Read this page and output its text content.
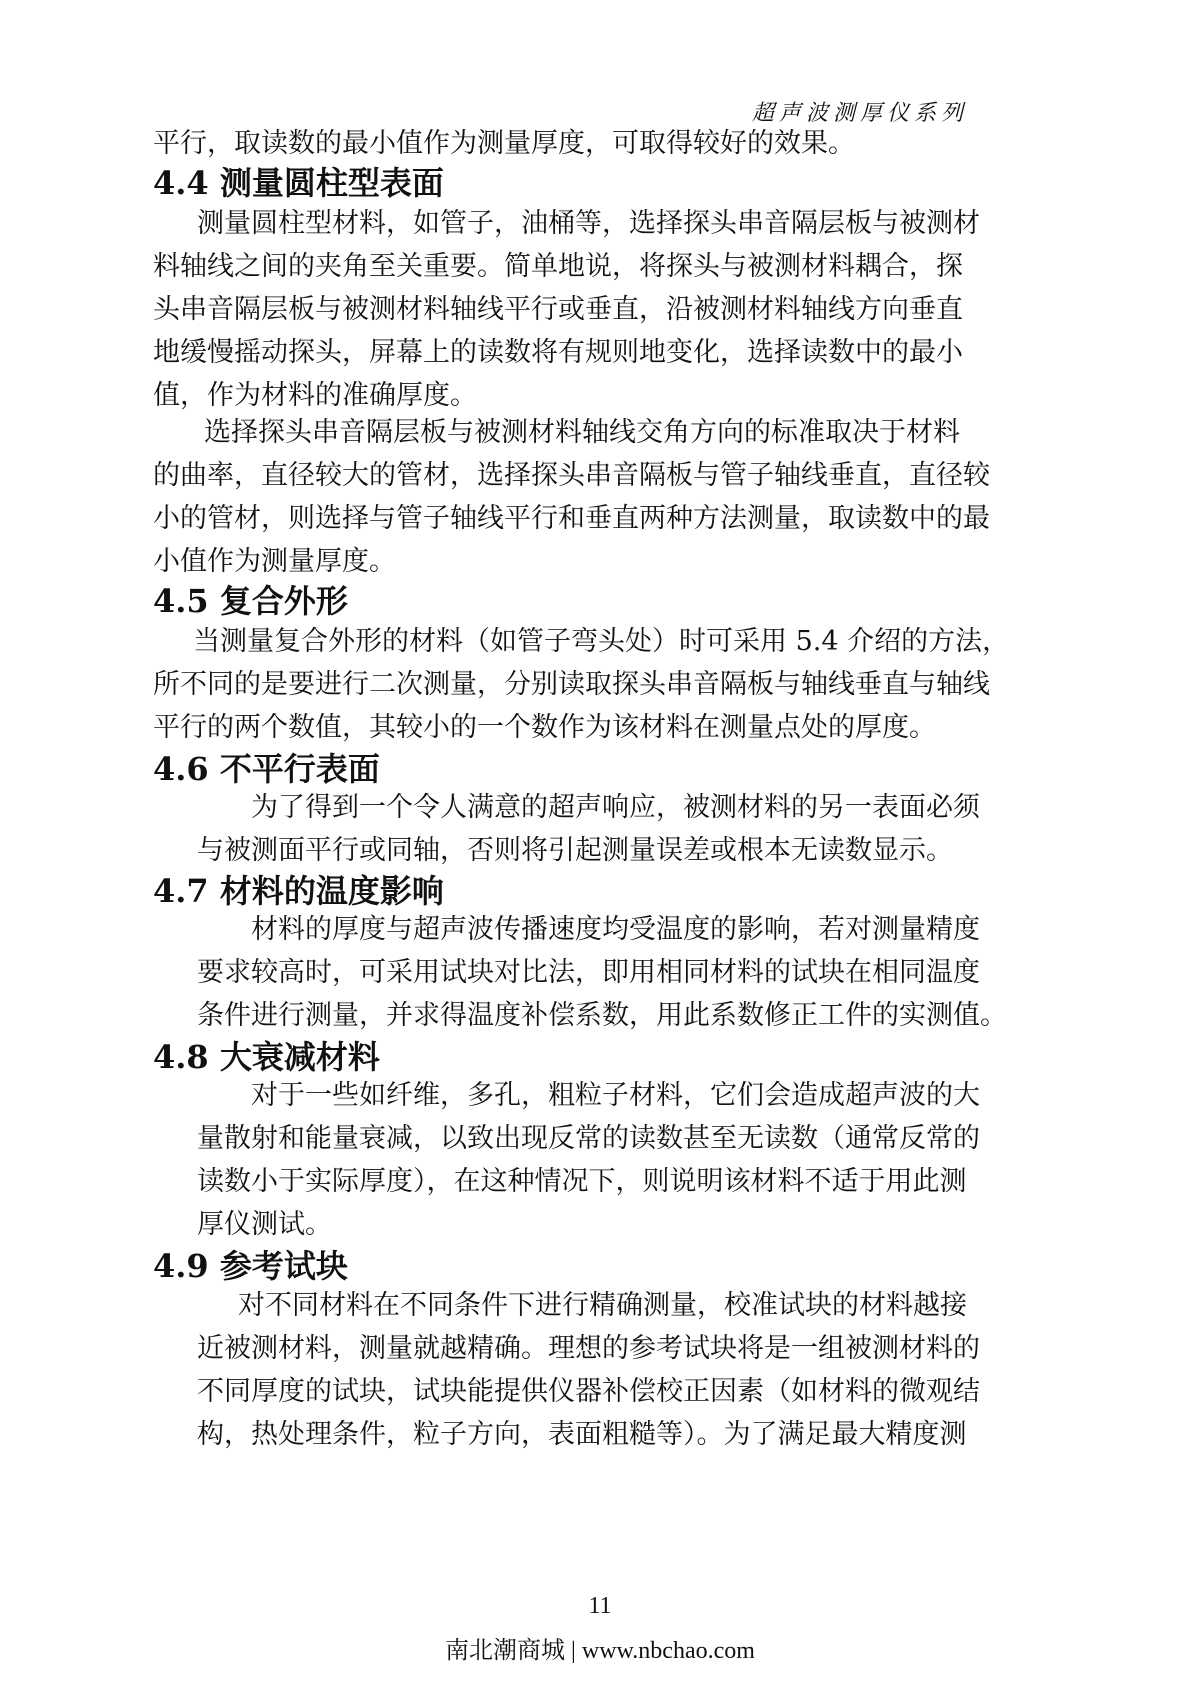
超声波测厚仪系列
平行，取读数的最小值作为测量厚度，可取得较好的效果。
4.4 测量圆柱型表面
测量圆柱型材料，如管子，油桶等，选择探头串音隔层板与被测材
料轴线之间的夹角至关重要。简单地说，将探头与被测材料耦合，探
头串音隔层板与被测材料轴线平行或垂直，沿被测材料轴线方向垂直
地缓慢摇动探头，屏幕上的读数将有规则地变化，选择读数中的最小
值，作为材料的准确厚度。
选择探头串音隔层板与被测材料轴线交角方向的标准取决于材料
的曲率，直径较大的管材，选择探头串音隔板与管子轴线垂直，直径较
小的管材，则选择与管子轴线平行和垂直两种方法测量，取读数中的最
小值作为测量厚度。
4.5 复合外形
当测量复合外形的材料（如管子弯头处）时可采用 5.4 介绍的方法，
所不同的是要进行二次测量，分别读取探头串音隔板与轴线垂直与轴线
平行的两个数值，其较小的一个数作为该材料在测量点处的厚度。
4.6 不平行表面
为了得到一个令人满意的超声响应，被测材料的另一表面必须
与被测面平行或同轴，否则将引起测量误差或根本无读数显示。
4.7 材料的温度影响
材料的厚度与超声波传播速度均受温度的影响，若对测量精度
要求较高时，可采用试块对比法，即用相同材料的试块在相同温度
条件进行测量，并求得温度补偿系数，用此系数修正工件的实测值。
4.8 大衰减材料
对于一些如纤维，多孔，粗粒子材料，它们会造成超声波的大
量散射和能量衰减，以致出现反常的读数甚至无读数（通常反常的
读数小于实际厚度），在这种情况下，则说明该材料不适于用此测
厚仪测试。
4.9 参考试块
对不同材料在不同条件下进行精确测量，校准试块的材料越接
近被测材料，测量就越精确。理想的参考试块将是一组被测材料的
不同厚度的试块，试块能提供仪器补偿校正因素（如材料的微观结
构，热处理条件，粒子方向，表面粗糙等）。为了满足最大精度测
11
南北潮商城 | www.nbchao.com
